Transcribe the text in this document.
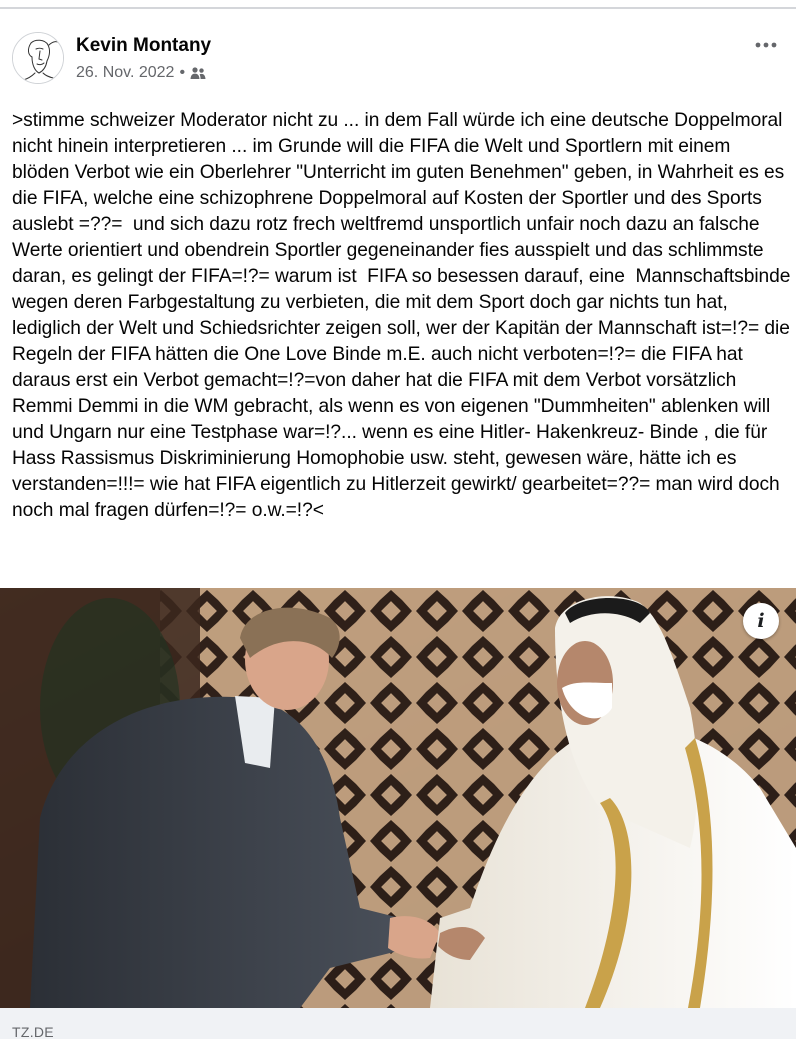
Kevin Montany
26. Nov. 2022 •
>stimme schweizer Moderator nicht zu ... in dem Fall würde ich eine deutsche Doppelmoral nicht hinein interpretieren ... im Grunde will die FIFA die Welt und Sportlern mit einem blöden Verbot wie ein Oberlehrer "Unterricht im guten Benehmen" geben, in Wahrheit es es die FIFA, welche eine schizophrene Doppelmoral auf Kosten der Sportler und des Sports auslebt =??=  und sich dazu rotz frech weltfremd unsportlich unfair noch dazu an falsche Werte orientiert und obendrein Sportler gegeneinander fies ausspielt und das schlimmste daran, es gelingt der FIFA=!?= warum ist  FIFA so besessen darauf, eine  Mannschaftsbinde wegen deren Farbgestaltung zu verbieten, die mit dem Sport doch gar nichts tun hat, lediglich der Welt und Schiedsrichter zeigen soll, wer der Kapitän der Mannschaft ist=!?= die Regeln der FIFA hätten die One Love Binde m.E. auch nicht verboten=!?= die FIFA hat daraus erst ein Verbot gemacht=!?=von daher hat die FIFA mit dem Verbot vorsätzlich Remmi Demmi in die WM gebracht, als wenn es von eigenen "Dummheiten" ablenken will und Ungarn nur eine Testphase war=!?... wenn es eine Hitler- Hakenkreuz- Binde , die für Hass Rassismus Diskriminierung Homophobie usw. steht, gewesen wäre, hätte ich es verstanden=!!!= wie hat FIFA eigentlich zu Hitlerzeit gewirkt/ gearbeitet=??= man wird doch noch mal fragen dürfen=!?= o.w.=!?<
i
TZ.DE
